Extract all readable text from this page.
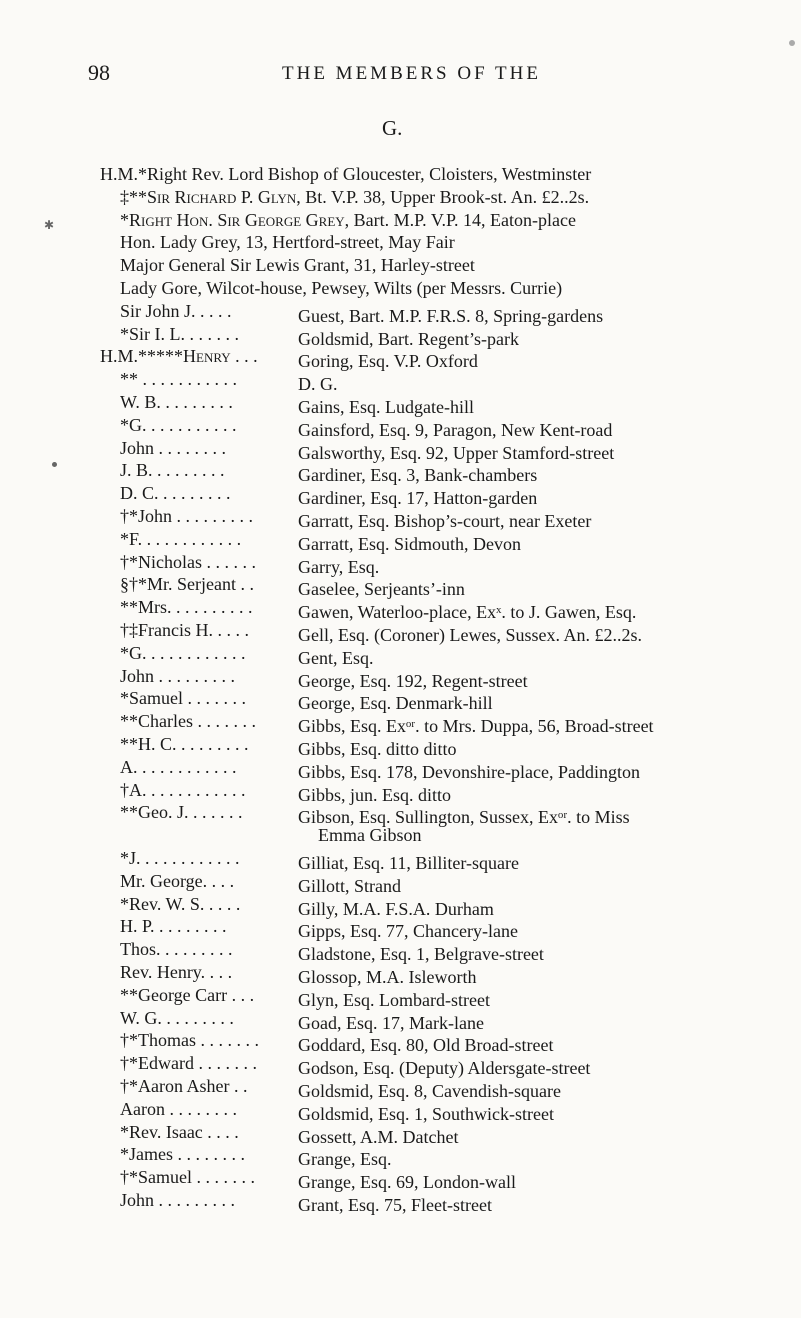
98	THE MEMBERS OF THE
G.
✱
H.M.*Right Rev. Lord Bishop of Gloucester, Cloisters, Westminster
‡**Sir Richard P. Glyn, Bt. V.P. 38, Upper Brook-st. An. £2..2s.
*Right Hon. Sir George Grey, Bart. M.P. V.P. 14, Eaton-place
Hon. Lady Grey, 13, Hertford-street, May Fair
Major General Sir Lewis Grant, 31, Harley-street
Lady Gore, Wilcot-house, Pewsey, Wilts (per Messrs. Currie)
Sir John J. . . . .	Guest, Bart. M.P. F.R.S. 8, Spring-gardens
*Sir I. L. . . . . . .	Goldsmid, Bart. Regent’s-park
H.M.*****Henry . . .Goring, Esq. V.P. Oxford
** . . . . . . . . . . .	D. G.
W. B. . . . . . . . .	Gains, Esq. Ludgate-hill
*G. . . . . . . . . . .	Gainsford, Esq. 9, Paragon, New Kent-road
John . . . . . . . .	Galsworthy, Esq. 92, Upper Stamford-street
J. B. . . . . . . . .	Gardiner, Esq. 3, Bank-chambers
D. C. . . . . . . . .	Gardiner, Esq. 17, Hatton-garden
†*John . . . . . . . . .Garratt, Esq. Bishop’s-court, near Exeter
*F. . . . . . . . . . . .	Garratt, Esq. Sidmouth, Devon
†*Nicholas . . . . . .Garry, Esq.
§†*Mr. Serjeant . .Gaselee, Serjeants’-inn
**Mrs. . . . . . . . . .	Gawen, Waterloo-place, Exˣ. to J. Gawen, Esq.
†‡Francis H. . . . .	Gell, Esq. (Coroner) Lewes, Sussex. An. £2..2s.
*G. . . . . . . . . . . .	Gent, Esq.
John . . . . . . . . .	George, Esq. 192, Regent-street
*Samuel . . . . . . .	George, Esq. Denmark-hill
**Charles . . . . . . .Gibbs, Esq. Exᵒʳ. to Mrs. Duppa, 56, Broad-street
**H. C. . . . . . . . .	Gibbs, Esq. ditto ditto
A. . . . . . . . . . . .	Gibbs, Esq. 178, Devonshire-place, Paddington
†A. . . . . . . . . . . .	Gibbs, jun. Esq. ditto
**Geo. J. . . . . . .	Gibson, Esq. Sullington, Sussex, Exᵒʳ. to Miss
Emma Gibson
*J. . . . . . . . . . . .	Gilliat, Esq. 11, Billiter-square
Mr. George. . . .	Gillott, Strand
*Rev. W. S. . . . .	Gilly, M.A. F.S.A. Durham
H. P. . . . . . . . .	Gipps, Esq. 77, Chancery-lane
Thos. . . . . . . . .	Gladstone, Esq. 1, Belgrave-street
Rev. Henry. . . .	Glossop, M.A. Isleworth
**George Carr . . .Glyn, Esq. Lombard-street
W. G. . . . . . . . .	Goad, Esq. 17, Mark-lane
†*Thomas . . . . . . .Goddard, Esq. 80, Old Broad-street
†*Edward . . . . . . .Godson, Esq. (Deputy) Aldersgate-street
†*Aaron Asher . .	Goldsmid, Esq. 8, Cavendish-square
Aaron . . . . . . . .	Goldsmid, Esq. 1, Southwick-street
*Rev. Isaac . . . .	Gossett, A.M. Datchet
*James . . . . . . . .	Grange, Esq.
†*Samuel . . . . . . .Grange, Esq. 69, London-wall
John . . . . . . . . .	Grant, Esq. 75, Fleet-street
